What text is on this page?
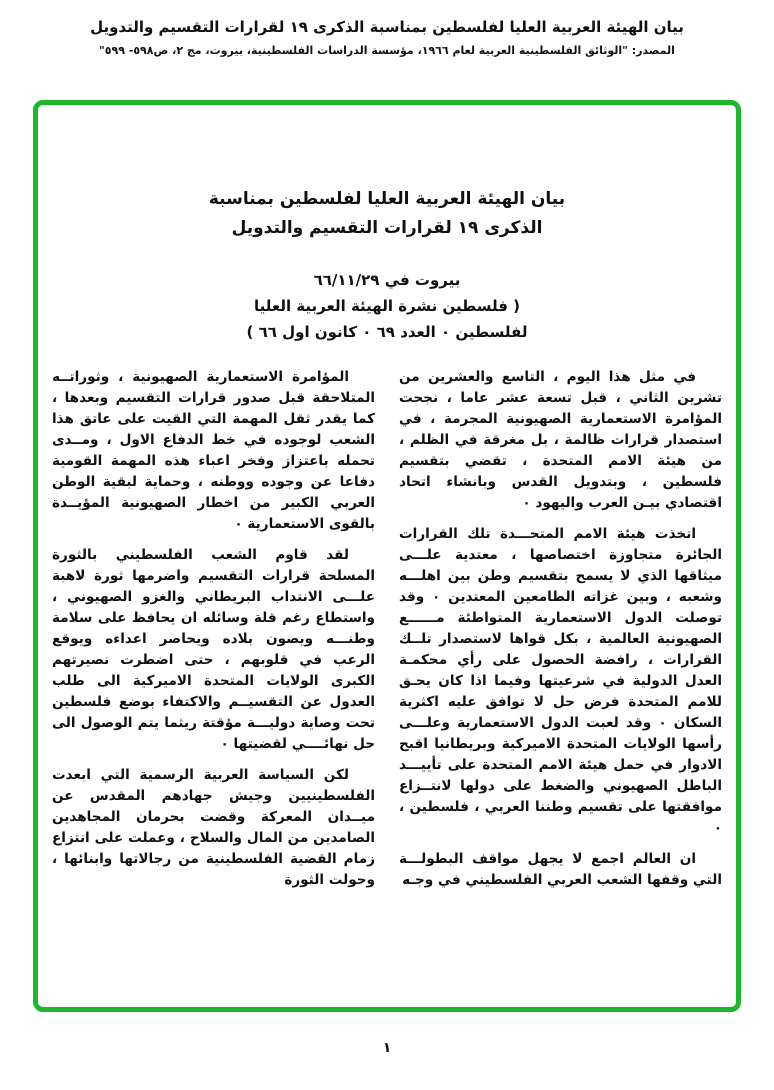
بيان الهيئة العربية العليا لفلسطين بمناسبة الذكرى ١٩ لقرارات التقسيم والتدويل
المصدر: "الوثائق الفلسطينية العربية لعام ١٩٦٦، مؤسسة الدراسات الفلسطينية، بيروت، مج ٢، ص٥٩٨- ٥٩٩"
بيان الهيئة العربية العليا لفلسطين بمناسبة
الذكرى ١٩ لقرارات التقسيم والتدويل
بيروت في ٦٦/١١/٢٩
( فلسطين نشرة الهيئة العربية العليا
لفلسطين ٠ العدد ٦٩ ٠ كانون اول ٦٦ )

في مثل هذا اليوم ، التاسع والعشرين من تشرين الثاني ، قبل تسعة عشر عاما ، نجحت المؤامرة الاستعمارية الصهيونية المجرمة ، في استصدار قرارات ظالمة ، بل مغرقة في الظلم ، من هيئة الامم المتحدة ، تقضي بتقسيم فلسطين ، وبتدويل القدس وبانشاء اتحاد اقتصادي بيـن العرب واليهود ٠

اتخذت هيئة الامم المتحـــدة تلك القرارات الجائرة متجاوزة اختصاصها ، معتدية علـــى ميثاقها الذي لا يسمح بتقسيم وطن بين اهلـــه وشعبه ، وبين غزاته الطامعين المعتدين ٠ وقد توصلت الدول الاستعمارية المتواطئة مــــــع الصهيونية العالمية ، بكل قواها لاستصدار تلــك القرارات ، رافضة الحصول على رأي محكمـة العدل الدولية في شرعيتها وفيما اذا كان يحـق للامم المتحدة فرض حل لا توافق عليه اكثرية السكان ٠ وقد لعبت الدول الاستعمارية وعلـــى رأسها الولايات المتحدة الاميركية وبريطانيا اقبح الادوار في حمل هيئة الامم المتحدة على تأييـــد الباطل الصهيوني والضغط على دولها لانتــزاع موافقتها على تقسيم وطننا العربي ، فلسطين ، ٠

ان العالم اجمع لا يجهل مواقف البطولـــة التي وقفها الشعب العربي الفلسطيني في وجـه

المؤامرة الاستعمارية الصهيونية ، وثوراتــه المتلاحقة قبل صدور قرارات التقسيم وبعدها ، كما يقدر ثقل المهمة التي القيت على عاتق هذا الشعب لوجوده في خط الدفاع الاول ، ومــدى تحمله باعتزاز وفخر اعباء هذه المهمة القومية دفاعا عن وجوده ووطنه ، وحماية لبقية الوطن العربي الكبير من اخطار الصهيونية المؤيــدة بالقوى الاستعمارية ٠

لقد قاوم الشعب الفلسطيني بالثورة المسلحة قرارات التقسيم واضرمها ثورة لاهبة علـــى الانتداب البريطاني والغزو الصهيوني ، واستطاع رغم قلة وسائله ان يحافظ على سلامة وطنـــه ويصون بلاده ويحاصر اعداءه ويوقع الرعب في قلوبهم ، حتى اضطرت نصيرتهم الكبرى الولايات المتحدة الاميركية الى طلب العدول عن التقسيــم والاكتفاء بوضع فلسطين تحت وصاية دوليـــة مؤقتة ريثما يتم الوصول الى حل نهائــــي لقضيتها ٠

لكن السياسة العربية الرسمية التي ابعدت الفلسطينيين وجيش جهادهم المقدس عن ميــدان المعركة وقضت بحرمان المجاهدين الصامدين من المال والسلاح ، وعملت على انتزاع زمام القضية الفلسطينية من رجالاتها وابنائها ، وحولت الثورة

١
